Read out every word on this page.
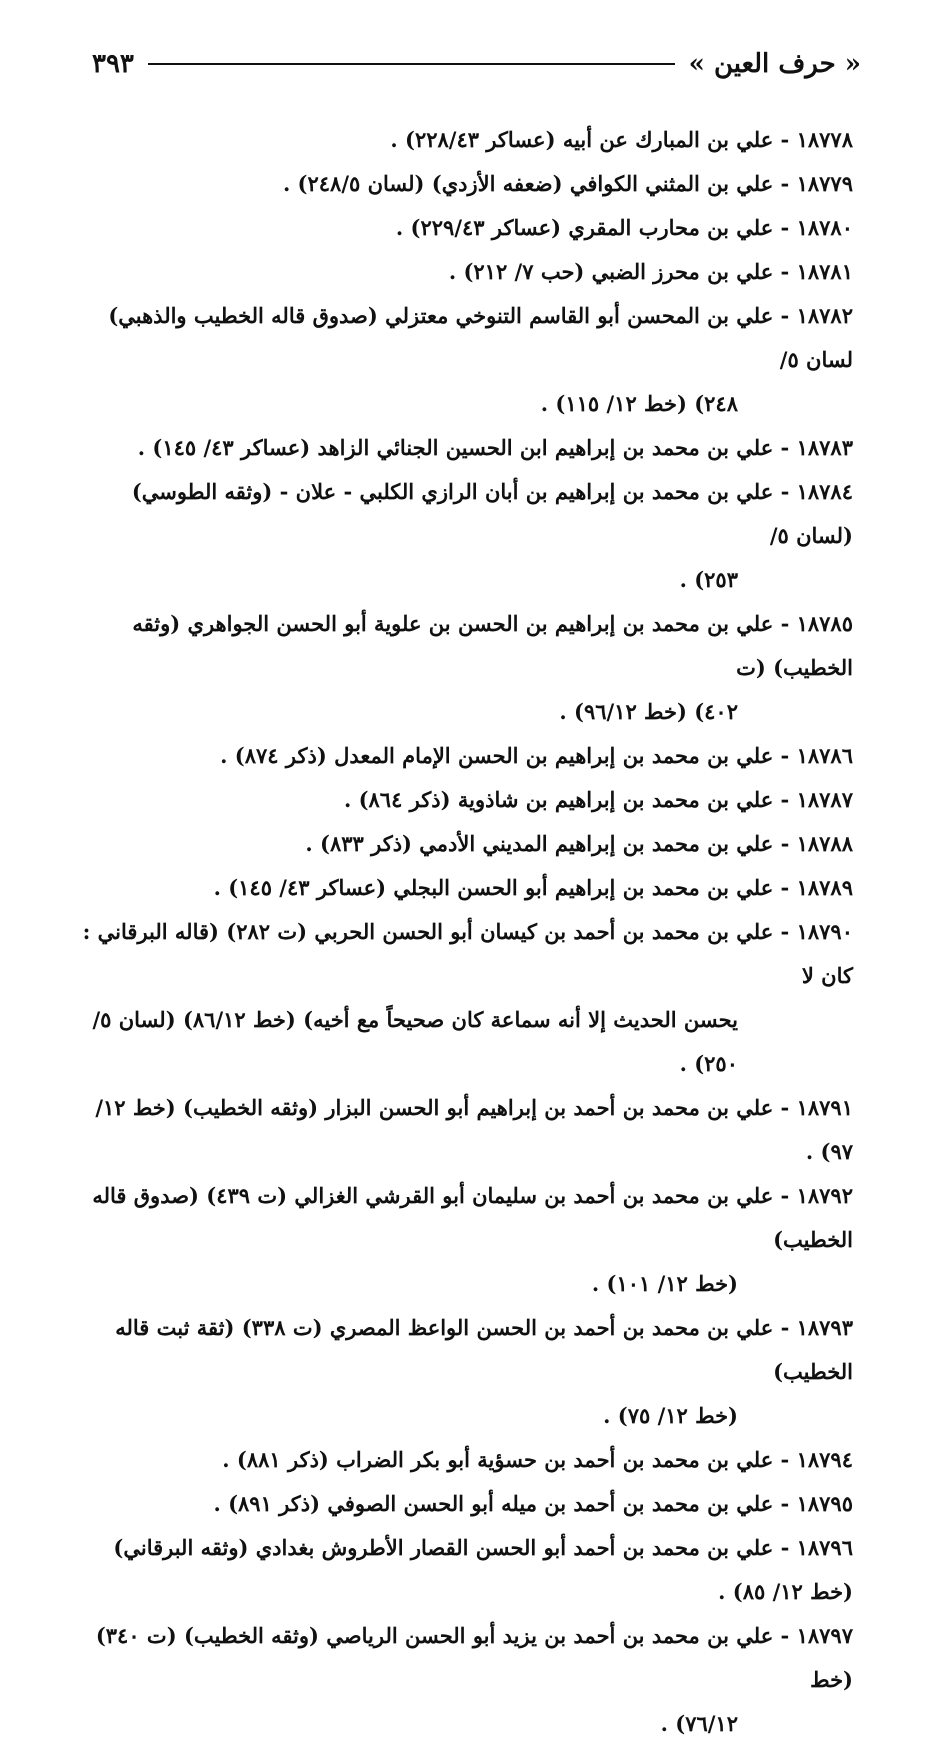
« حرف العين »
٣٩٣
١٨٧٧٨ - علي بن المبارك عن أبيه (عساكر ٢٢٨/٤٣) .
١٨٧٧٩ - علي بن المثني الكوافي (ضعفه الأزدي) (لسان ٢٤٨/٥) .
١٨٧٨٠ - علي بن محارب المقري (عساكر ٢٢٩/٤٣) .
١٨٧٨١ - علي بن محرز الضبي (حب ٧/ ٢١٢) .
١٨٧٨٢ - علي بن المحسن أبو القاسم التنوخي معتزلي (صدوق قاله الخطيب والذهبي) لسان ٥/
٢٤٨) (خط ١٢/ ١١٥) .
١٨٧٨٣ - علي بن محمد بن إبراهيم ابن الحسين الجنائي الزاهد (عساكر ٤٣/ ١٤٥) .
١٨٧٨٤ - علي بن محمد بن إبراهيم بن أبان الرازي الكلبي - علان - (وثقه الطوسي) (لسان ٥/
٢٥٣) .
١٨٧٨٥ - علي بن محمد بن إبراهيم بن الحسن بن علوية أبو الحسن الجواهري (وثقه الخطيب) (ت
٤٠٢) (خط ٩٦/١٢) .
١٨٧٨٦ - علي بن محمد بن إبراهيم بن الحسن الإمام المعدل (ذكر ٨٧٤) .
١٨٧٨٧ - علي بن محمد بن إبراهيم بن شاذوية (ذكر ٨٦٤) .
١٨٧٨٨ - علي بن محمد بن إبراهيم المديني الأدمي (ذكر ٨٣٣) .
١٨٧٨٩ - علي بن محمد بن إبراهيم أبو الحسن البجلي (عساكر ٤٣/ ١٤٥) .
١٨٧٩٠ - علي بن محمد بن أحمد بن كيسان أبو الحسن الحربي (ت ٢٨٢) (قاله البرقاني : كان لا
يحسن الحديث إلا أنه سماعة كان صحيحاً مع أخيه) (خط ٨٦/١٢) (لسان ٥/ ٢٥٠) .
١٨٧٩١ - علي بن محمد بن أحمد بن إبراهيم أبو الحسن البزار (وثقه الخطيب) (خط ١٢/ ٩٧) .
١٨٧٩٢ - علي بن محمد بن أحمد بن سليمان أبو القرشي الغزالي (ت ٤٣٩) (صدوق قاله الخطيب)
(خط ١٢/ ١٠١) .
١٨٧٩٣ - علي بن محمد بن أحمد بن الحسن الواعظ المصري (ت ٣٣٨) (ثقة ثبت قاله الخطيب)
(خط ١٢/ ٧٥) .
١٨٧٩٤ - علي بن محمد بن أحمد بن حسؤية أبو بكر الضراب (ذكر ٨٨١) .
١٨٧٩٥ - علي بن محمد بن أحمد بن ميله أبو الحسن الصوفي (ذكر ٨٩١) .
١٨٧٩٦ - علي بن محمد بن أحمد أبو الحسن القصار الأطروش بغدادي (وثقه البرقاني) (خط ١٢/ ٨٥) .
١٨٧٩٧ - علي بن محمد بن أحمد بن يزيد أبو الحسن الرياصي (وثقه الخطيب) (ت ٣٤٠) (خط
٧٦/١٢) .
